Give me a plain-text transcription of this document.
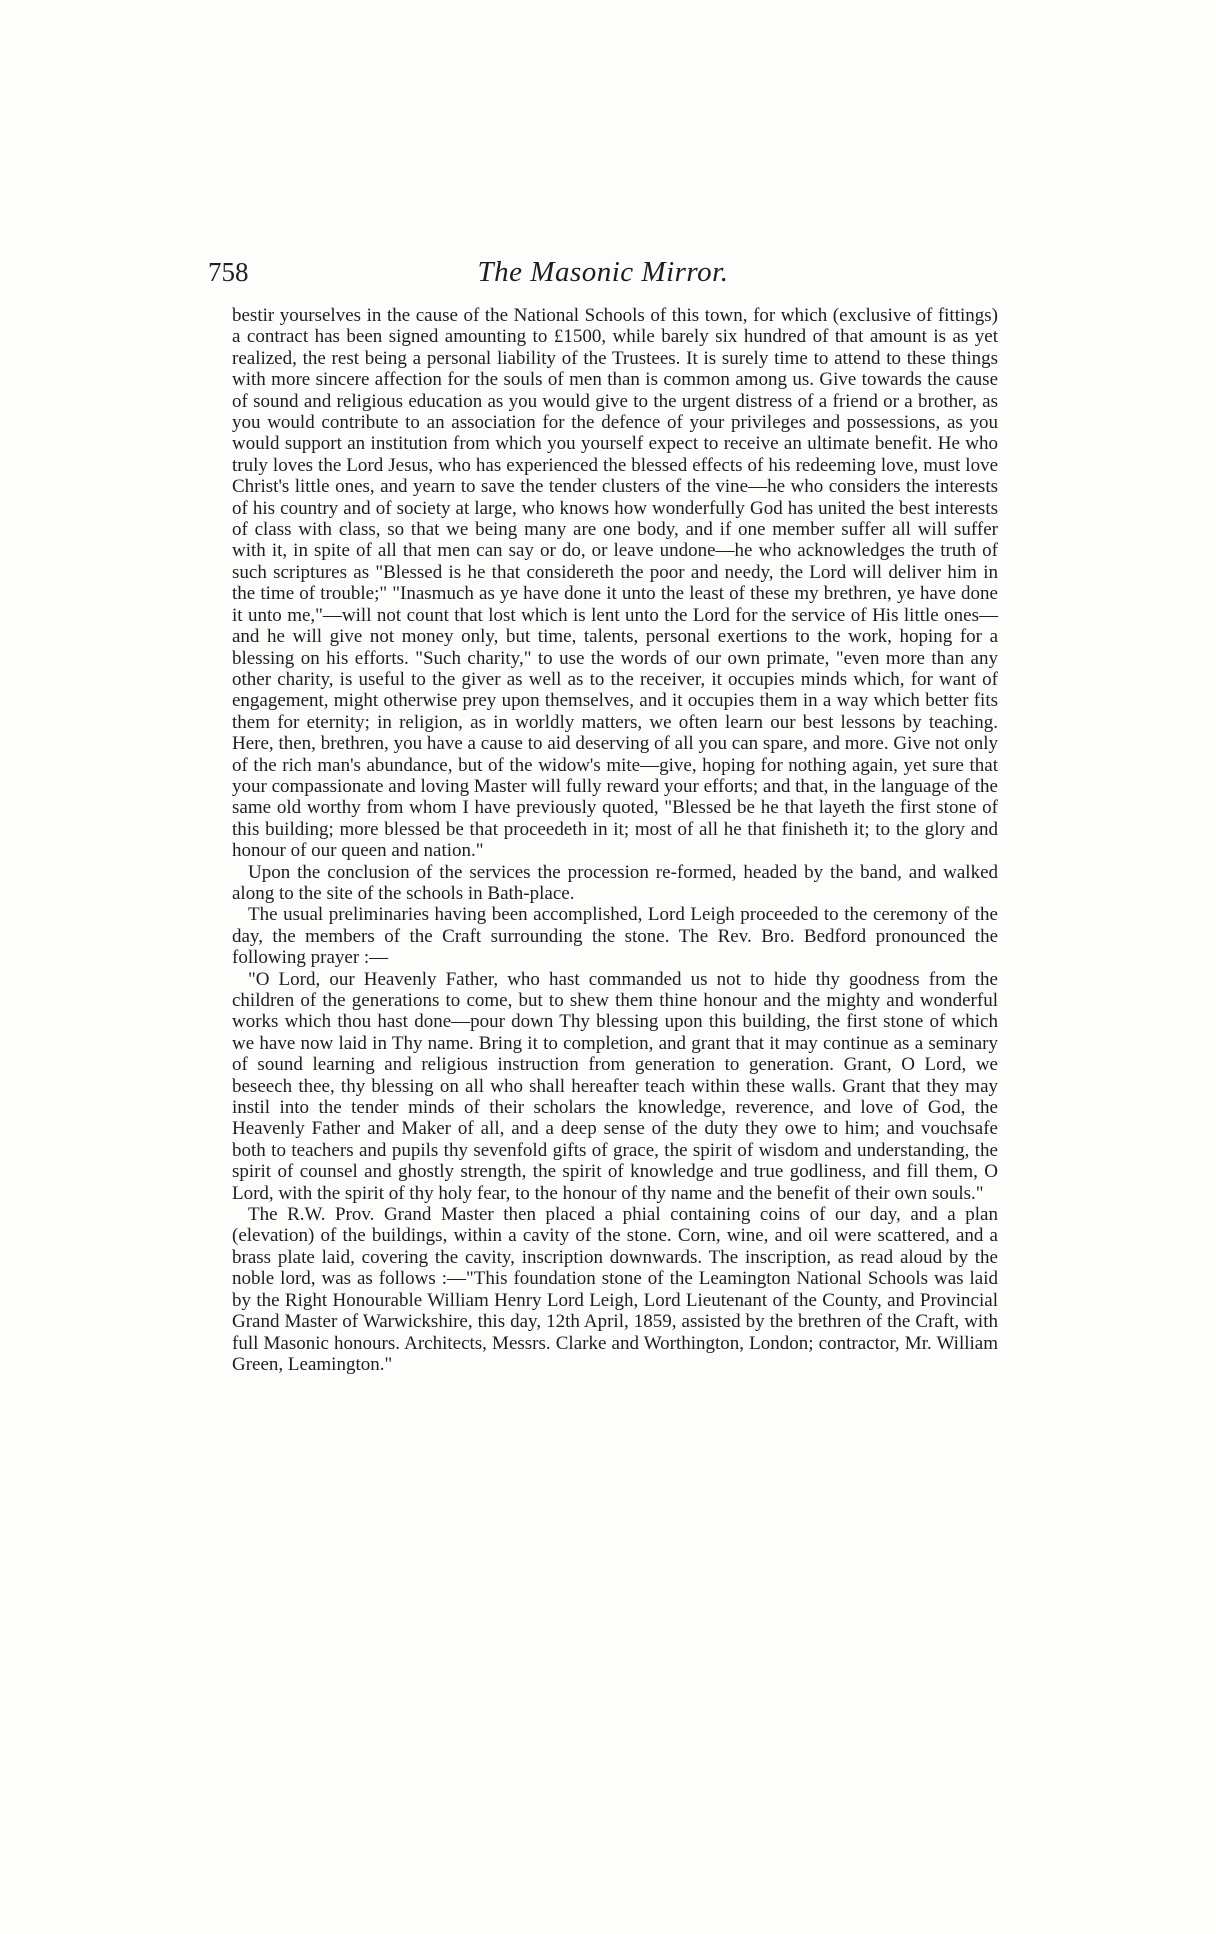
758	The Masonic Mirror.

bestir yourselves in the cause of the National Schools of this town, for which (exclusive of fittings) a contract has been signed amounting to £1500, while barely six hundred of that amount is as yet realized, the rest being a personal liability of the Trustees. It is surely time to attend to these things with more sincere affection for the souls of men than is common among us. Give towards the cause of sound and religious education as you would give to the urgent distress of a friend or a brother, as you would contribute to an association for the defence of your privileges and possessions, as you would support an institution from which you yourself expect to receive an ultimate benefit. He who truly loves the Lord Jesus, who has experienced the blessed effects of his redeeming love, must love Christ's little ones, and yearn to save the tender clusters of the vine—he who considers the interests of his country and of society at large, who knows how wonderfully God has united the best interests of class with class, so that we being many are one body, and if one member suffer all will suffer with it, in spite of all that men can say or do, or leave undone—he who acknowledges the truth of such scriptures as "Blessed is he that considereth the poor and needy, the Lord will deliver him in the time of trouble;" "Inasmuch as ye have done it unto the least of these my brethren, ye have done it unto me,"—will not count that lost which is lent unto the Lord for the service of His little ones—and he will give not money only, but time, talents, personal exertions to the work, hoping for a blessing on his efforts. "Such charity," to use the words of our own primate, "even more than any other charity, is useful to the giver as well as to the receiver, it occupies minds which, for want of engagement, might otherwise prey upon themselves, and it occupies them in a way which better fits them for eternity; in religion, as in worldly matters, we often learn our best lessons by teaching. Here, then, brethren, you have a cause to aid deserving of all you can spare, and more. Give not only of the rich man's abundance, but of the widow's mite—give, hoping for nothing again, yet sure that your compassionate and loving Master will fully reward your efforts; and that, in the language of the same old worthy from whom I have previously quoted, "Blessed be he that layeth the first stone of this building; more blessed be that proceedeth in it; most of all he that finisheth it; to the glory and honour of our queen and nation."

Upon the conclusion of the services the procession re-formed, headed by the band, and walked along to the site of the schools in Bath-place.

The usual preliminaries having been accomplished, Lord Leigh proceeded to the ceremony of the day, the members of the Craft surrounding the stone. The Rev. Bro. Bedford pronounced the following prayer :—

"O Lord, our Heavenly Father, who hast commanded us not to hide thy goodness from the children of the generations to come, but to shew them thine honour and the mighty and wonderful works which thou hast done—pour down Thy blessing upon this building, the first stone of which we have now laid in Thy name. Bring it to completion, and grant that it may continue as a seminary of sound learning and religious instruction from generation to generation. Grant, O Lord, we beseech thee, thy blessing on all who shall hereafter teach within these walls. Grant that they may instil into the tender minds of their scholars the knowledge, reverence, and love of God, the Heavenly Father and Maker of all, and a deep sense of the duty they owe to him; and vouchsafe both to teachers and pupils thy sevenfold gifts of grace, the spirit of wisdom and understanding, the spirit of counsel and ghostly strength, the spirit of knowledge and true godliness, and fill them, O Lord, with the spirit of thy holy fear, to the honour of thy name and the benefit of their own souls."

The R.W. Prov. Grand Master then placed a phial containing coins of our day, and a plan (elevation) of the buildings, within a cavity of the stone. Corn, wine, and oil were scattered, and a brass plate laid, covering the cavity, inscription downwards. The inscription, as read aloud by the noble lord, was as follows :—"This foundation stone of the Leamington National Schools was laid by the Right Honourable William Henry Lord Leigh, Lord Lieutenant of the County, and Provincial Grand Master of Warwickshire, this day, 12th April, 1859, assisted by the brethren of the Craft, with full Masonic honours. Architects, Messrs. Clarke and Worthington, London; contractor, Mr. William Green, Leamington."
